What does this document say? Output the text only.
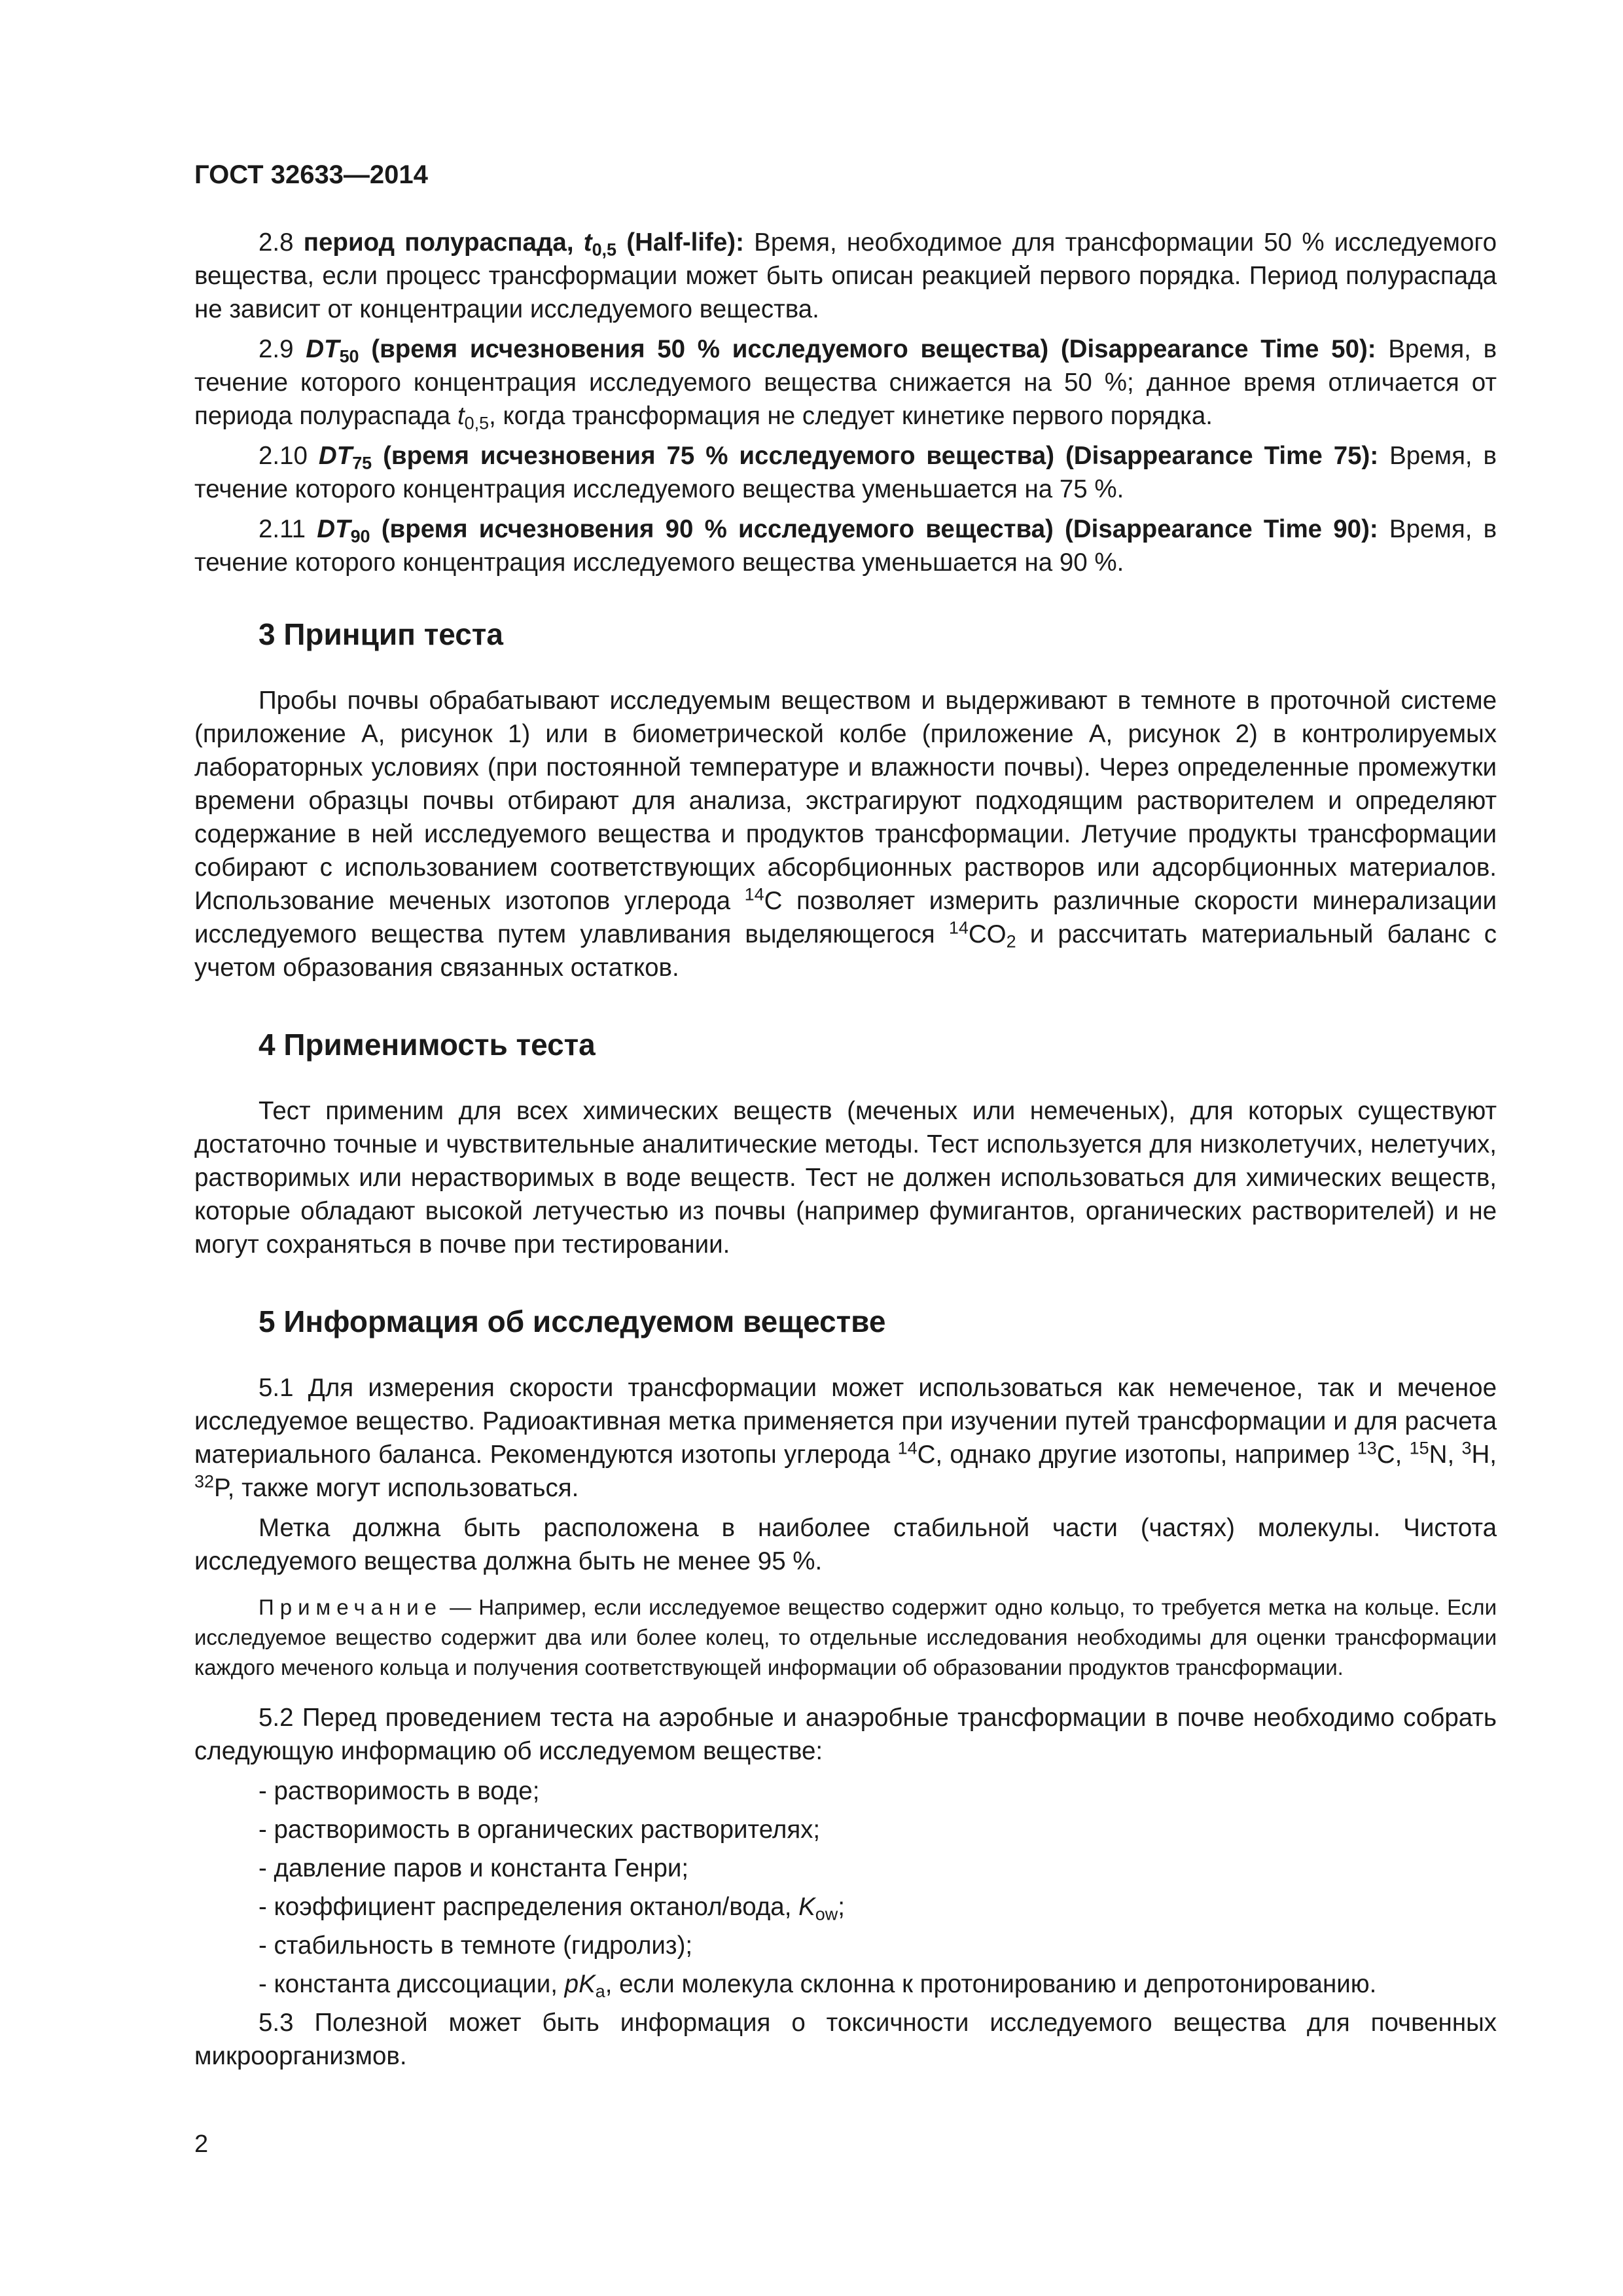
ГОСТ 32633—2014

2.8 период полураспада, $t_{0,5}$ (Half-life): Время, необходимое для трансформации 50 % исследуемого вещества, если процесс трансформации может быть описан реакцией первого порядка. Период полураспада не зависит от концентрации исследуемого вещества.

2.9 $DT_{50}$ (время исчезновения 50 % исследуемого вещества) (Disappearance Time 50): Время, в течение которого концентрация исследуемого вещества снижается на 50 %; данное время отличается от периода полураспада $t_{0,5}$, когда трансформация не следует кинетике первого порядка.

2.10 $DT_{75}$ (время исчезновения 75 % исследуемого вещества) (Disappearance Time 75): Время, в течение которого концентрация исследуемого вещества уменьшается на 75 %.

2.11 $DT_{90}$ (время исчезновения 90 % исследуемого вещества) (Disappearance Time 90): Время, в течение которого концентрация исследуемого вещества уменьшается на 90 %.

3 Принцип теста

Пробы почвы обрабатывают исследуемым веществом и выдерживают в темноте в проточной системе (приложение А, рисунок 1) или в биометрической колбе (приложение А, рисунок 2) в контролируемых лабораторных условиях (при постоянной температуре и влажности почвы). Через определенные промежутки времени образцы почвы отбирают для анализа, экстрагируют подходящим растворителем и определяют содержание в ней исследуемого вещества и продуктов трансформации. Летучие продукты трансформации собирают с использованием соответствующих абсорбционных растворов или адсорбционных материалов. Использование меченых изотопов углерода $^{14}$С позволяет измерить различные скорости минерализации исследуемого вещества путем улавливания выделяющегося $^{14}CO_2$ и рассчитать материальный баланс с учетом образования связанных остатков.

4 Применимость теста

Тест применим для всех химических веществ (меченых или немеченых), для которых существуют достаточно точные и чувствительные аналитические методы. Тест используется для низколетучих, нелетучих, растворимых или нерастворимых в воде веществ. Тест не должен использоваться для химических веществ, которые обладают высокой летучестью из почвы (например фумигантов, органических растворителей) и не могут сохраняться в почве при тестировании.

5 Информация об исследуемом веществе

5.1 Для измерения скорости трансформации может использоваться как немеченое, так и меченое исследуемое вещество. Радиоактивная метка применяется при изучении путей трансформации и для расчета материального баланса. Рекомендуются изотопы углерода $^{14}$С, однако другие изотопы, например $^{13}$С, $^{15}$N, $^3$H, $^{32}$P, также могут использоваться.

Метка должна быть расположена в наиболее стабильной части (частях) молекулы. Чистота исследуемого вещества должна быть не менее 95 %.

Примечание — Например, если исследуемое вещество содержит одно кольцо, то требуется метка на кольце. Если исследуемое вещество содержит два или более колец, то отдельные исследования необходимы для оценки трансформации каждого меченого кольца и получения соответствующей информации об образовании продуктов трансформации.

5.2 Перед проведением теста на аэробные и анаэробные трансформации в почве необходимо собрать следующую информацию об исследуемом веществе:

- растворимость в воде;
- растворимость в органических растворителях;
- давление паров и константа Генри;
- коэффициент распределения октанол/вода, $K_{ow}$;
- стабильность в темноте (гидролиз);
- константа диссоциации, $pK_a$, если молекула склонна к протонированию и депротонированию.

5.3 Полезной может быть информация о токсичности исследуемого вещества для почвенных микроорганизмов.

2
